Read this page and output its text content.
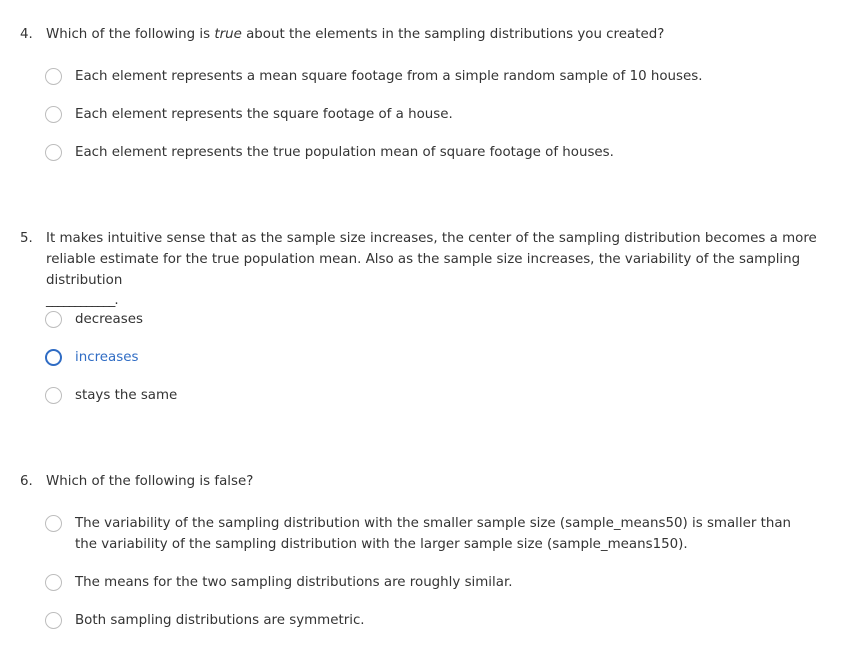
4. Which of the following is true about the elements in the sampling distributions you created?
Each element represents a mean square footage from a simple random sample of 10 houses.
Each element represents the square footage of a house.
Each element represents the true population mean of square footage of houses.
5. It makes intuitive sense that as the sample size increases, the center of the sampling distribution becomes a more reliable estimate for the true population mean. Also as the sample size increases, the variability of the sampling distribution
____________.
decreases
increases
stays the same
6. Which of the following is false?
The variability of the sampling distribution with the smaller sample size (sample_means50) is smaller than the variability of the sampling distribution with the larger sample size (sample_means150).
The means for the two sampling distributions are roughly similar.
Both sampling distributions are symmetric.
